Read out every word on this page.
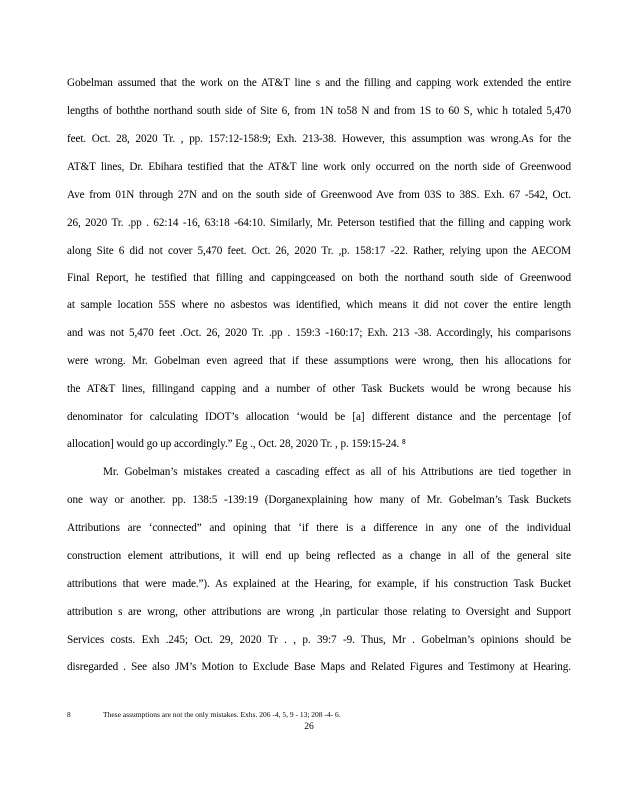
Gobelman assumed that the work on the AT&T line s and the filling and capping work extended the entire
lengths of boththe northand south side of Site 6, from 1N to58 N and from 1S to 60 S, whic h totaled 5,470
feet. Oct. 28, 2020 Tr. , pp. 157:12-158:9; Exh. 213-38. However, this assumption was wrong.As for the
AT&T lines, Dr. Ebihara testified that the AT&T line work only occurred on the north side of Greenwood
Ave from 01N through 27N and on the south side of Greenwood Ave from 03S to 38S. Exh. 67 -542, Oct.
26, 2020 Tr. .pp . 62:14 -16, 63:18 -64:10. Similarly, Mr. Peterson testified that the filling and capping work
along Site 6 did not cover 5,470 feet. Oct. 26, 2020 Tr. ,p. 158:17 -22. Rather, relying upon the AECOM
Final Report, he testified that filling and cappingceased on both the northand south side of Greenwood
at sample location 55S where no asbestos was identified, which means it did not cover the entire length
and was not 5,470 feet .Oct. 26, 2020 Tr. .pp . 159:3 -160:17; Exh. 213 -38. Accordingly, his comparisons
were wrong. Mr. Gobelman even agreed that if these assumptions were wrong, then his allocations for
the AT&T lines, fillingand capping and a number of other Task Buckets would be wrong because his
denominator for calculating IDOT’s allocation ‘would be [a] different distance and the percentage [of
allocation] would go up accordingly.” Eg ., Oct. 28, 2020 Tr. , p. 159:15-24. ⁸
Mr. Gobelman’s mistakes created a cascading effect as all of his Attributions are tied together in
one way or another. pp. 138:5 -139:19 (Dorganexplaining how many of Mr. Gobelman’s Task Buckets
Attributions are ‘connected” and opining that ‘if there is a difference in any one of the individual
construction element attributions, it will end up being reflected as a change in all of the general site
attributions that were made.”). As explained at the Hearing, for example, if his construction Task Bucket
attribution s are wrong, other attributions are wrong ,in particular those relating to Oversight and Support
Services costs. Exh .245; Oct. 29, 2020 Tr . , p. 39:7 -9. Thus, Mr . Gobelman’s opinions should be
disregarded . See also JM’s Motion to Exclude Base Maps and Related Figures and Testimony at Hearing.
8	These assumptions are not the only mistakes. Exhs. 206 -4, 5, 9 - 13; 208 -4- 6.
26
